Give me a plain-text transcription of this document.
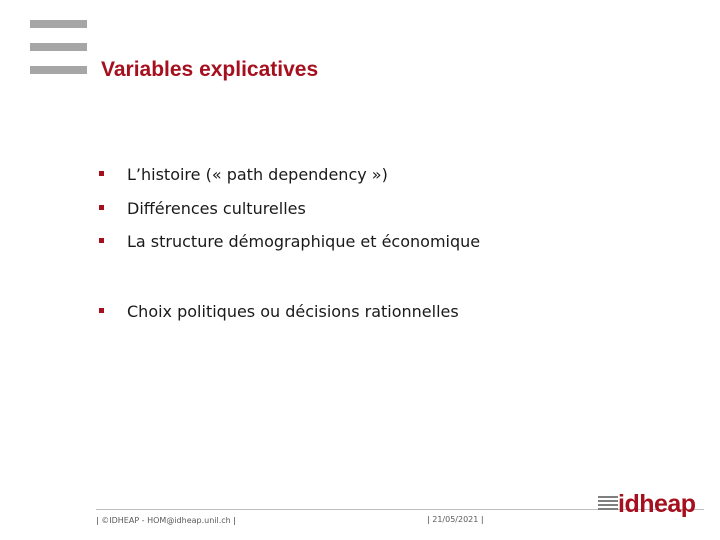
Variables explicatives
L’histoire (« path dependency »)
Différences culturelles
La structure démographique et économique
Choix politiques ou décisions rationnelles
| ©IDHEAP - HOM@idheap.unil.ch |	| 21/05/2021 |
idheap
